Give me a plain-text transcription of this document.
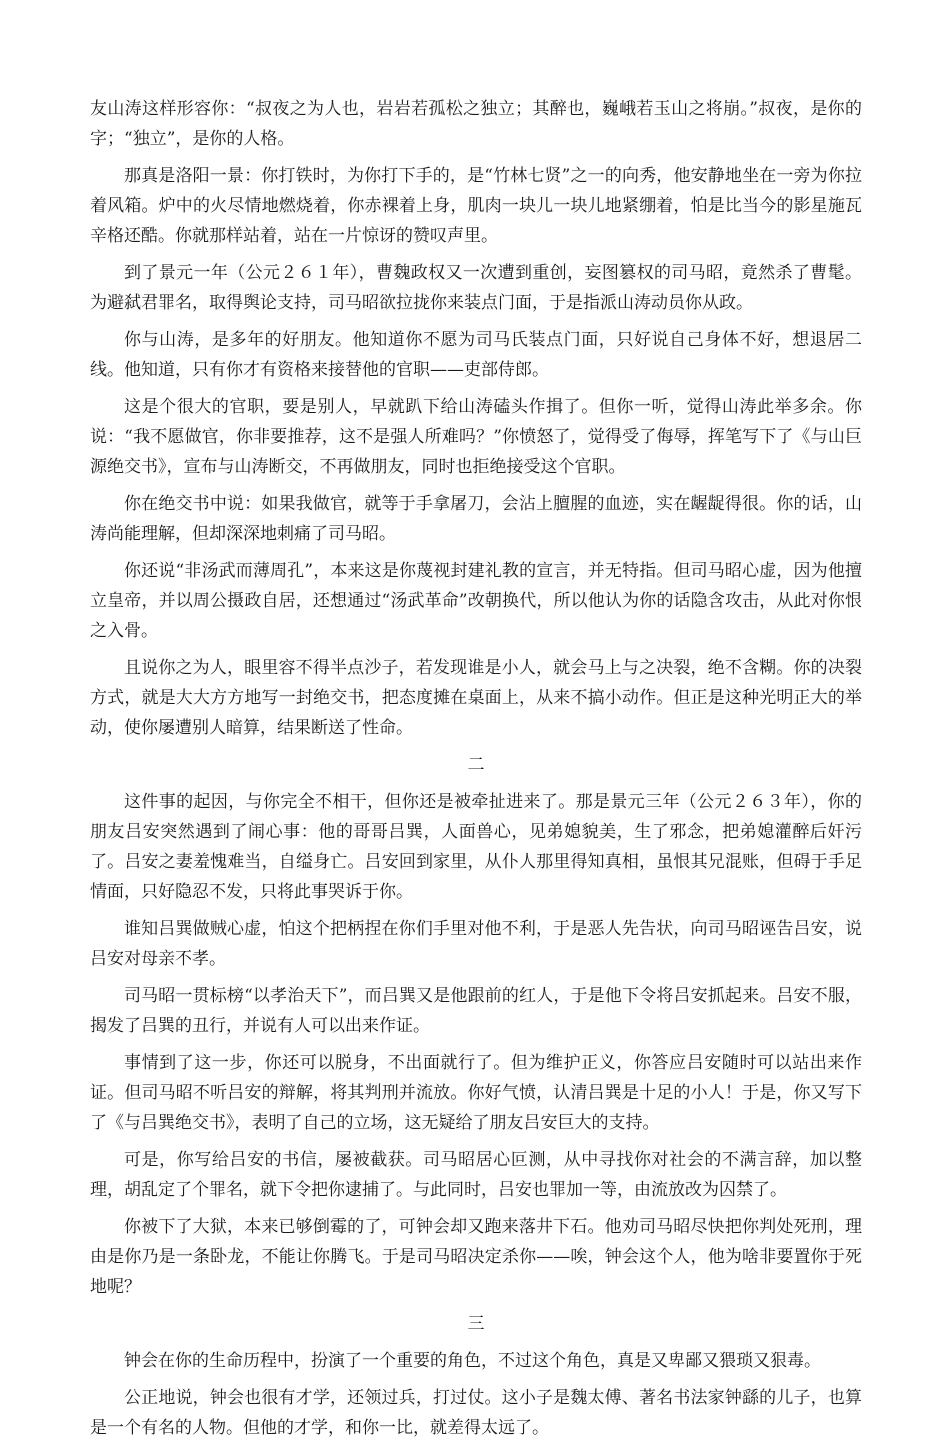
友山涛这样形容你：“叔夜之为人也，岩岩若孤松之独立；其醉也，巍峨若玉山之将崩。”叔夜，是你的字；“独立”，是你的人格。

那真是洛阳一景：你打铁时，为你打下手的，是“竹林七贤”之一的向秀，他安静地坐在一旁为你拉着风箱。炉中的火尽情地燃烧着，你赤裸着上身，肌肉一块儿一块儿地紧绷着，怕是比当今的影星施瓦辛格还酷。你就那样站着，站在一片惊讶的赞叹声里。

到了景元一年（公元２６１年），曹魏政权又一次遭到重创，妄图篡权的司马昭，竟然杀了曹髦。为避弑君罪名，取得舆论支持，司马昭欲拉拢你来装点门面，于是指派山涛动员你从政。

你与山涛，是多年的好朋友。他知道你不愿为司马氏装点门面，只好说自己身体不好，想退居二线。他知道，只有你才有资格来接替他的官职——吏部侍郎。

这是个很大的官职，要是别人，早就趴下给山涛磕头作揖了。但你一听，觉得山涛此举多余。你说：“我不愿做官，你非要推荐，这不是强人所难吗？”你愤怒了，觉得受了侮辱，挥笔写下了《与山巨源绝交书》，宣布与山涛断交，不再做朋友，同时也拒绝接受这个官职。

你在绝交书中说：如果我做官，就等于手拿屠刀，会沾上膻腥的血迹，实在龌龊得很。你的话，山涛尚能理解，但却深深地刺痛了司马昭。

你还说“非汤武而薄周孔”，本来这是你蔑视封建礼教的宣言，并无特指。但司马昭心虚，因为他擅立皇帝，并以周公摄政自居，还想通过“汤武革命”改朝换代，所以他认为你的话隐含攻击，从此对你恨之入骨。

且说你之为人，眼里容不得半点沙子，若发现谁是小人，就会马上与之决裂，绝不含糊。你的决裂方式，就是大大方方地写一封绝交书，把态度摊在桌面上，从来不搞小动作。但正是这种光明正大的举动，使你屡遭别人暗算，结果断送了性命。

二

这件事的起因，与你完全不相干，但你还是被牵扯进来了。那是景元三年（公元２６３年），你的朋友吕安突然遇到了闹心事：他的哥哥吕巽，人面兽心，见弟媳貌美，生了邪念，把弟媳灌醉后奸污了。吕安之妻羞愧难当，自缢身亡。吕安回到家里，从仆人那里得知真相，虽恨其兄混账，但碍于手足情面，只好隐忍不发，只将此事哭诉于你。

谁知吕巽做贼心虚，怕这个把柄捏在你们手里对他不利，于是恶人先告状，向司马昭诬告吕安，说吕安对母亲不孝。

司马昭一贯标榜“以孝治天下”，而吕巽又是他跟前的红人，于是他下令将吕安抓起来。吕安不服，揭发了吕巽的丑行，并说有人可以出来作证。

事情到了这一步，你还可以脱身，不出面就行了。但为维护正义，你答应吕安随时可以站出来作证。但司马昭不听吕安的辩解，将其判刑并流放。你好气愤，认清吕巽是十足的小人！于是，你又写下了《与吕巽绝交书》，表明了自己的立场，这无疑给了朋友吕安巨大的支持。

可是，你写给吕安的书信，屡被截获。司马昭居心叵测，从中寻找你对社会的不满言辞，加以整理，胡乱定了个罪名，就下令把你逮捕了。与此同时，吕安也罪加一等，由流放改为囚禁了。

你被下了大狱，本来已够倒霉的了，可钟会却又跑来落井下石。他劝司马昭尽快把你判处死刑，理由是你乃是一条卧龙，不能让你腾飞。于是司马昭决定杀你——唉，钟会这个人，他为啥非要置你于死地呢？

三

钟会在你的生命历程中，扮演了一个重要的角色，不过这个角色，真是又卑鄙又猥琐又狠毒。

公正地说，钟会也很有才学，还领过兵，打过仗。这小子是魏太傅、著名书法家钟繇的儿子，也算是一个有名的人物。但他的才学，和你一比，就差得太远了。
